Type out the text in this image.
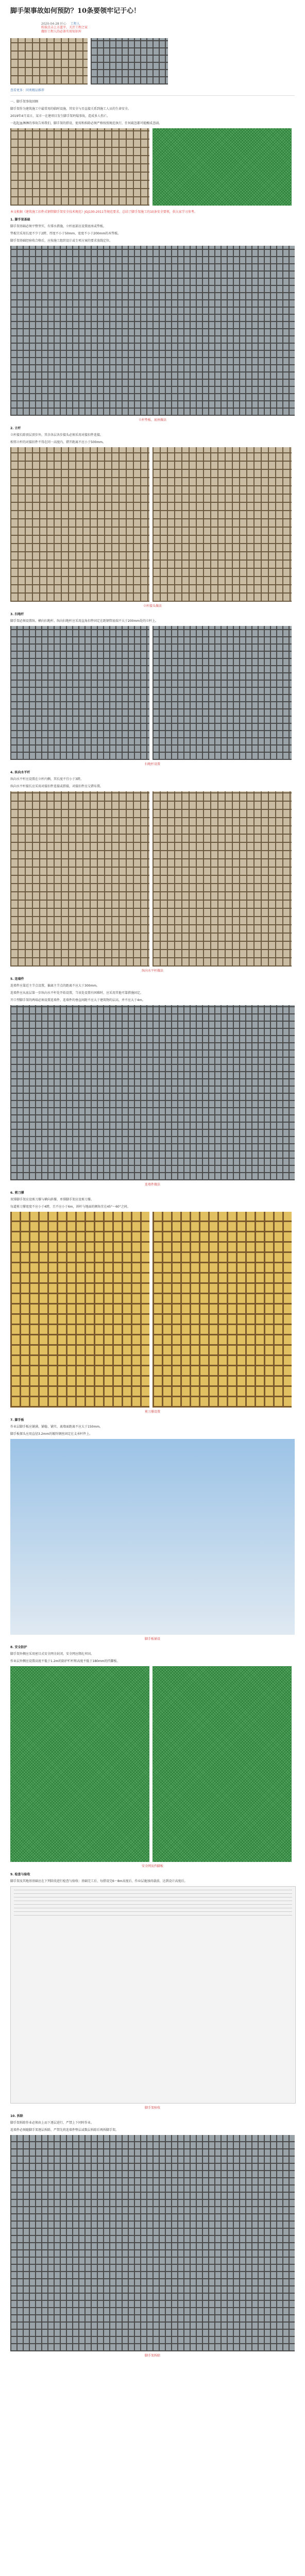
脚手架事故如何预防？10条要领牢记于心！
2020-04-28 匠心 工程人
转载点击上方蓝字，关注工程之家
做好工程人的必备实用知识库
查看更多：同类精品推荐
一、脚手架事故回顾

脚手架作为建筑施工中最常用的临时设施，其安全与否直接关系到施工人员的生命安全。

2019年4月某日，某市一在建项目发生脚手架坍塌事故，造成多人伤亡。

一起起血淋淋的事故告诉我们，脚手架的搭设、使用和拆除必须严格按照规范执行，任何疏忽都可能酿成悲剧。

本文根据《建筑施工扣件式钢管脚手架安全技术规范》JGJ130-2011等规范要求，总结了脚手架施工的10条安全要领，供大家学习参考。

1. 脚手架基础

脚手架基础必须平整坚实，有排水措施，立杆底部应设置底座或垫板。

垫板宜采用长度不少于2跨、厚度不小于50mm、宽度不小于200mm的木垫板。

脚手架基础经验收合格后，应按施工组织设计或专项方案的要求放线定位。

立杆垫板、底座做法

2. 立杆

立杆接长除顶层顶步外，其余各层各步接头必须采用对接扣件连接。

相邻立杆的对接扣件不得在同一高度内，错开距离不应小于500mm。

立杆接头做法

3. 扫地杆

脚手架必须设置纵、横向扫地杆。纵向扫地杆应采用直角扣件固定在距钢管底端不大于200mm处的立杆上。

扫地杆设置

4. 纵向水平杆

纵向水平杆应设置在立杆内侧，其长度不宜小于3跨。

纵向水平杆接长应采用对接扣件连接或搭接，对接扣件应交错布置。

纵向水平杆做法

5. 连墙件

连墙件应靠近主节点设置，偏离主节点的距离不应大于300mm。

连墙件应从底层第一步纵向水平杆处开始设置，当该处设置有困难时，应采用其他可靠措施固定。

开口型脚手架的两端必须设置连墙件，连墙件的垂直间距不应大于建筑物的层高，并不应大于4m。

连墙件做法

6. 剪刀撑

双排脚手架应设剪刀撑与横向斜撑，单排脚手架应设剪刀撑。

每道剪刀撑宽度不应小于4跨，且不应小于6m，斜杆与地面的倾角宜在45°～60°之间。

剪刀撑设置

7. 脚手板

作业层脚手板应铺满、铺稳、铺实，离墙面距离不应大于150mm。

脚手板探头应用直径3.2mm的镀锌钢丝固定在支承杆件上。

脚手板铺设

8. 安全防护

脚手架外侧应采用密目式安全网全封闭，安全网应绑扎牢固。

作业层外侧应设置高度不低于1.2m的防护栏杆和高度不低于180mm的挡脚板。

安全网及挡脚板

9. 检查与验收

脚手架及其地基基础应在下列阶段进行检查与验收：基础完工后、每搭设完6～8m高度后、作业层施加荷载前、达到设计高度后。

脚手架验收

10. 拆除

脚手架拆除作业必须由上而下逐层进行，严禁上下同时作业。

连墙件必须随脚手架逐层拆除，严禁先将连墙件整层或数层拆除后再拆脚手架。

脚手架拆除
